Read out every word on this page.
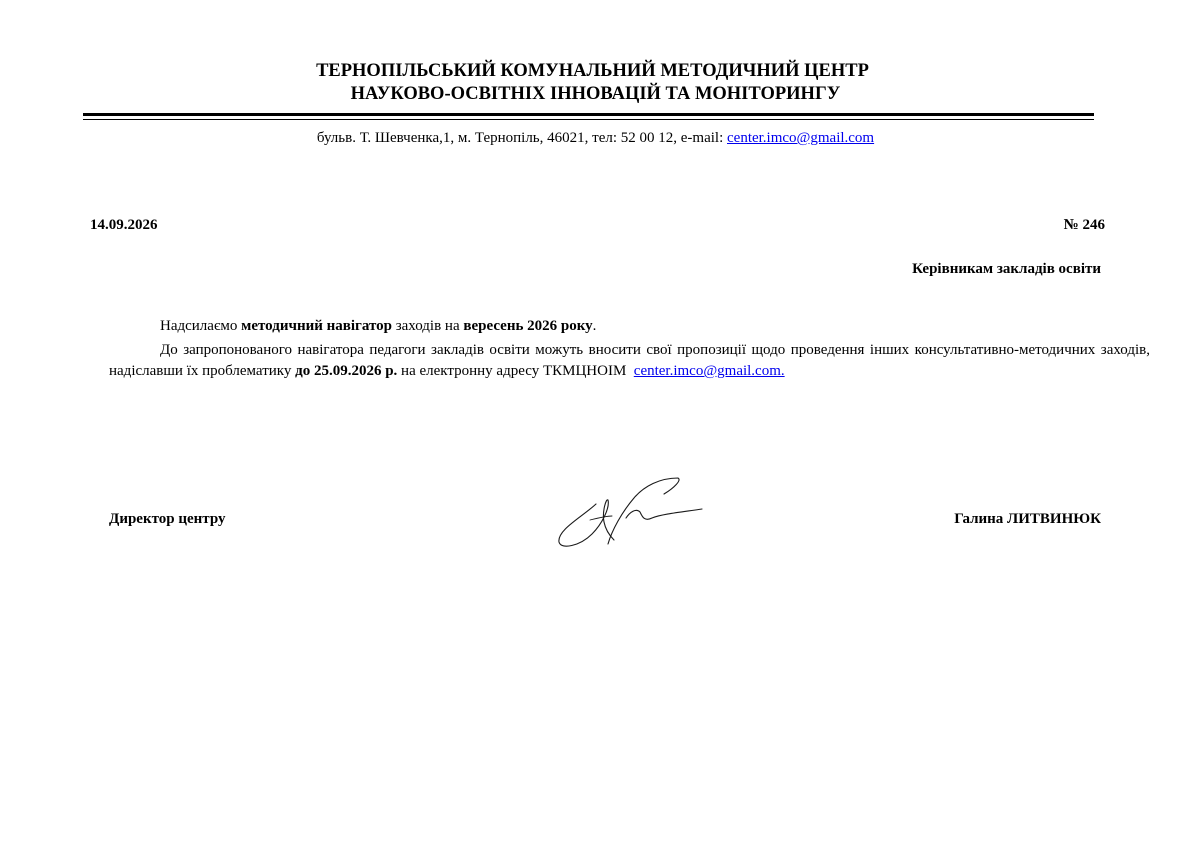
ТЕРНОПІЛЬСЬКИЙ КОМУНАЛЬНИЙ МЕТОДИЧНИЙ ЦЕНТР
НАУКОВО-ОСВІТНІХ ІННОВАЦІЙ ТА МОНІТОРИНГУ
бульв. Т. Шевченка,1, м. Тернопіль, 46021, тел: 52 00 12, e-mail: center.imco@gmail.com
14.09.2026	№ 246
Керівникам закладів освіти

Надсилаємо методичний навігатор заходів на вересень 2026 року.

До запропонованого навігатора педагоги закладів освіти можуть вносити свої пропозиції щодо проведення інших консультативно-методичних заходів, надіславши їх проблематику до 25.09.2026 р. на електронну адресу ТКМЦНОІМ  center.imco@gmail.com.

Директор центру	Галина ЛИТВИНЮК
